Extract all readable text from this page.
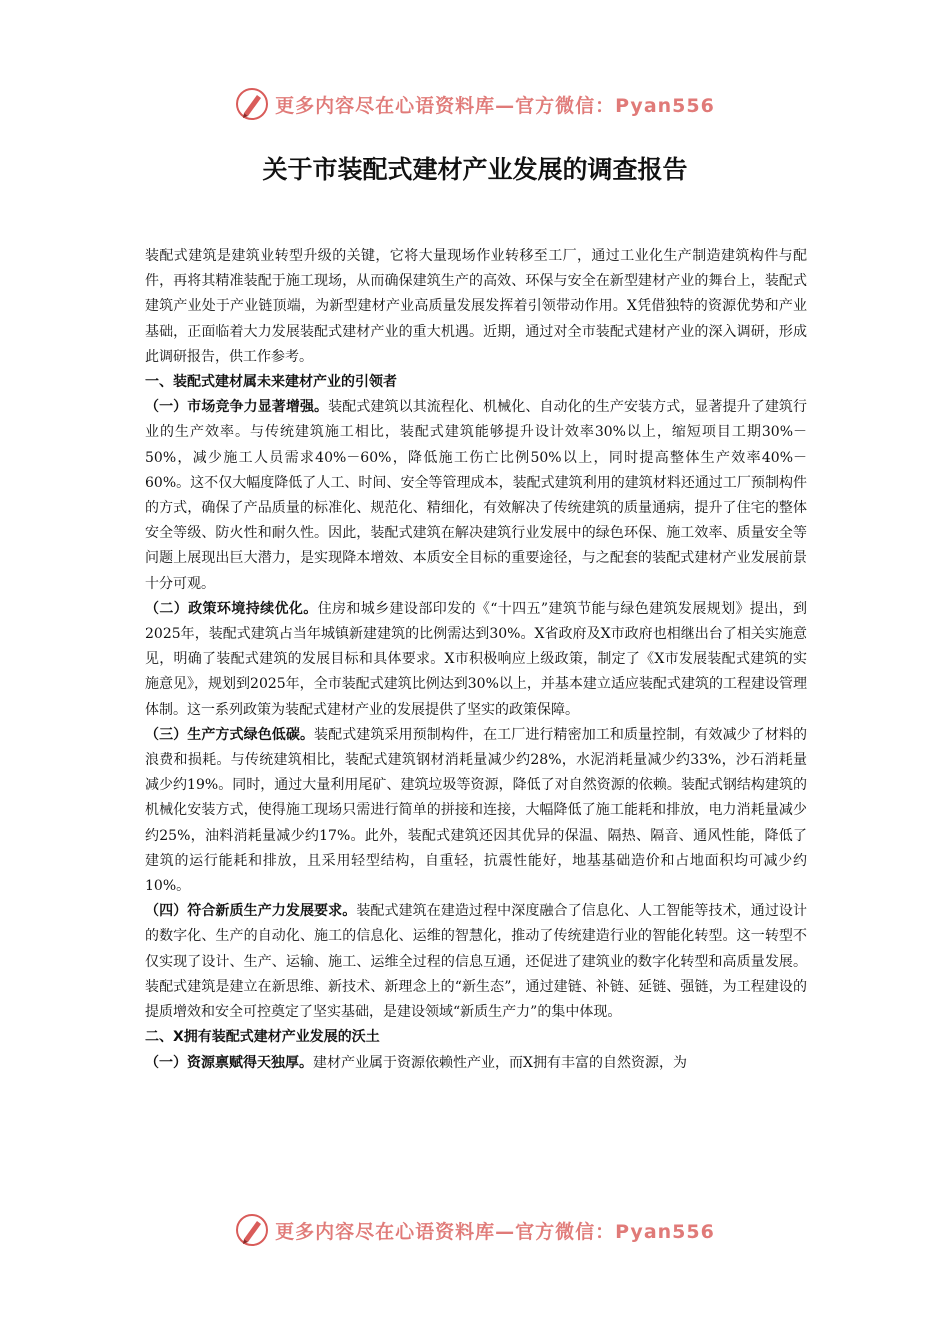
更多内容尽在心语资料库—官方微信：Pyan556
关于市装配式建材产业发展的调查报告

装配式建筑是建筑业转型升级的关键，它将大量现场作业转移至工厂，通过工业化生产制造建筑构件与配件，再将其精准装配于施工现场，从而确保建筑生产的高效、环保与安全在新型建材产业的舞台上，装配式建筑产业处于产业链顶端，为新型建材产业高质量发展发挥着引领带动作用。X凭借独特的资源优势和产业基础，正面临着大力发展装配式建材产业的重大机遇。近期，通过对全市装配式建材产业的深入调研，形成此调研报告，供工作参考。

一、装配式建材属未来建材产业的引领者

（一）市场竞争力显著增强。装配式建筑以其流程化、机械化、自动化的生产安装方式，显著提升了建筑行业的生产效率。与传统建筑施工相比，装配式建筑能够提升设计效率30%以上，缩短项目工期30%－50%，减少施工人员需求40%－60%，降低施工伤亡比例50%以上，同时提高整体生产效率40%－60%。这不仅大幅度降低了人工、时间、安全等管理成本，装配式建筑利用的建筑材料还通过工厂预制构件的方式，确保了产品质量的标准化、规范化、精细化，有效解决了传统建筑的质量通病，提升了住宅的整体安全等级、防火性和耐久性。因此，装配式建筑在解决建筑行业发展中的绿色环保、施工效率、质量安全等问题上展现出巨大潜力，是实现降本增效、本质安全目标的重要途径，与之配套的装配式建材产业发展前景十分可观。

（二）政策环境持续优化。住房和城乡建设部印发的《“十四五”建筑节能与绿色建筑发展规划》提出，到2025年，装配式建筑占当年城镇新建建筑的比例需达到30%。X省政府及X市政府也相继出台了相关实施意见，明确了装配式建筑的发展目标和具体要求。X市积极响应上级政策，制定了《X市发展装配式建筑的实施意见》，规划到2025年，全市装配式建筑比例达到30%以上，并基本建立适应装配式建筑的工程建设管理体制。这一系列政策为装配式建材产业的发展提供了坚实的政策保障。

（三）生产方式绿色低碳。装配式建筑采用预制构件，在工厂进行精密加工和质量控制，有效减少了材料的浪费和损耗。与传统建筑相比，装配式建筑钢材消耗量减少约28%，水泥消耗量减少约33%，沙石消耗量减少约19%。同时，通过大量利用尾矿、建筑垃圾等资源，降低了对自然资源的依赖。装配式钢结构建筑的机械化安装方式，使得施工现场只需进行简单的拼接和连接，大幅降低了施工能耗和排放，电力消耗量减少约25%，油料消耗量减少约17%。此外，装配式建筑还因其优异的保温、隔热、隔音、通风性能，降低了建筑的运行能耗和排放，且采用轻型结构，自重轻，抗震性能好，地基基础造价和占地面积均可减少约10%。

（四）符合新质生产力发展要求。装配式建筑在建造过程中深度融合了信息化、人工智能等技术，通过设计的数字化、生产的自动化、施工的信息化、运维的智慧化，推动了传统建造行业的智能化转型。这一转型不仅实现了设计、生产、运输、施工、运维全过程的信息互通，还促进了建筑业的数字化转型和高质量发展。装配式建筑是建立在新思维、新技术、新理念上的“新生态”，通过建链、补链、延链、强链，为工程建设的提质增效和安全可控奠定了坚实基础，是建设领域“新质生产力”的集中体现。

二、X拥有装配式建材产业发展的沃土

（一）资源禀赋得天独厚。建材产业属于资源依赖性产业，而X拥有丰富的自然资源，为

更多内容尽在心语资料库—官方微信：Pyan556
